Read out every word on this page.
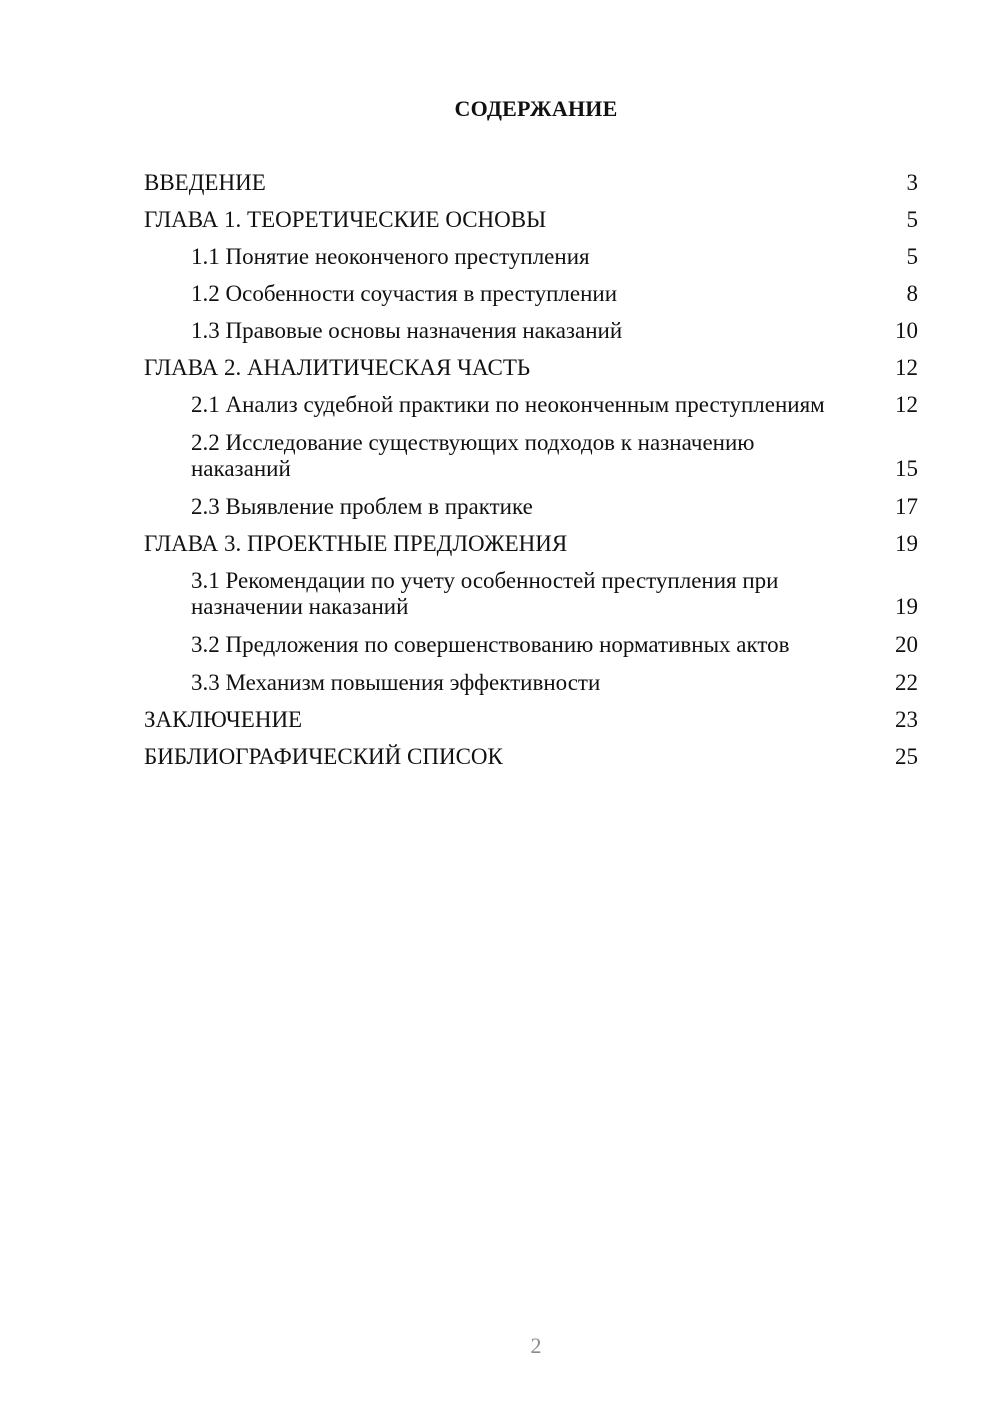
СОДЕРЖАНИЕ
ВВЕДЕНИЕ	3
ГЛАВА 1. ТЕОРЕТИЧЕСКИЕ ОСНОВЫ	5
1.1 Понятие неоконченого преступления	5
1.2 Особенности соучастия в преступлении	8
1.3 Правовые основы назначения наказаний	10
ГЛАВА 2. АНАЛИТИЧЕСКАЯ ЧАСТЬ	12
2.1 Анализ судебной практики по неоконченным преступлениям	12
2.2 Исследование существующих подходов к назначению наказаний	15
2.3 Выявление проблем в практике	17
ГЛАВА 3. ПРОЕКТНЫЕ ПРЕДЛОЖЕНИЯ	19
3.1 Рекомендации по учету особенностей преступления при назначении наказаний	19
3.2 Предложения по совершенствованию нормативных актов	20
3.3 Механизм повышения эффективности	22
ЗАКЛЮЧЕНИЕ	23
БИБЛИОГРАФИЧЕСКИЙ СПИСОК	25
2
